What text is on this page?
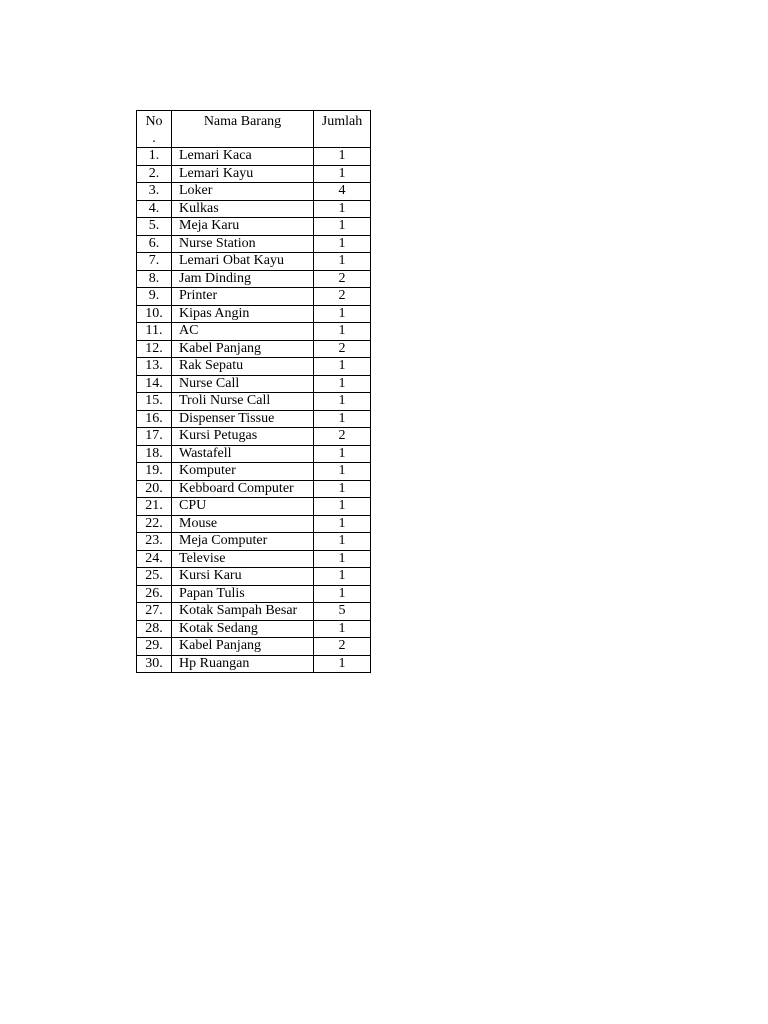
No
.	Nama Barang	Jumlah
1.	Lemari Kaca	1
2.	Lemari Kayu	1
3.	Loker	4
4.	Kulkas	1
5.	Meja Karu	1
6.	Nurse Station	1
7.	Lemari Obat Kayu	1
8.	Jam Dinding	2
9.	Printer	2
10.	Kipas Angin	1
11.	AC	1
12.	Kabel Panjang	2
13.	Rak Sepatu	1
14.	Nurse Call	1
15.	Troli Nurse Call	1
16.	Dispenser Tissue	1
17.	Kursi Petugas	2
18.	Wastafell	1
19.	Komputer	1
20.	Kebboard Computer	1
21.	CPU	1
22.	Mouse	1
23.	Meja Computer	1
24.	Televise	1
25.	Kursi Karu	1
26.	Papan Tulis	1
27.	Kotak Sampah Besar	5
28.	Kotak Sedang	1
29.	Kabel Panjang	2
30.	Hp Ruangan	1
